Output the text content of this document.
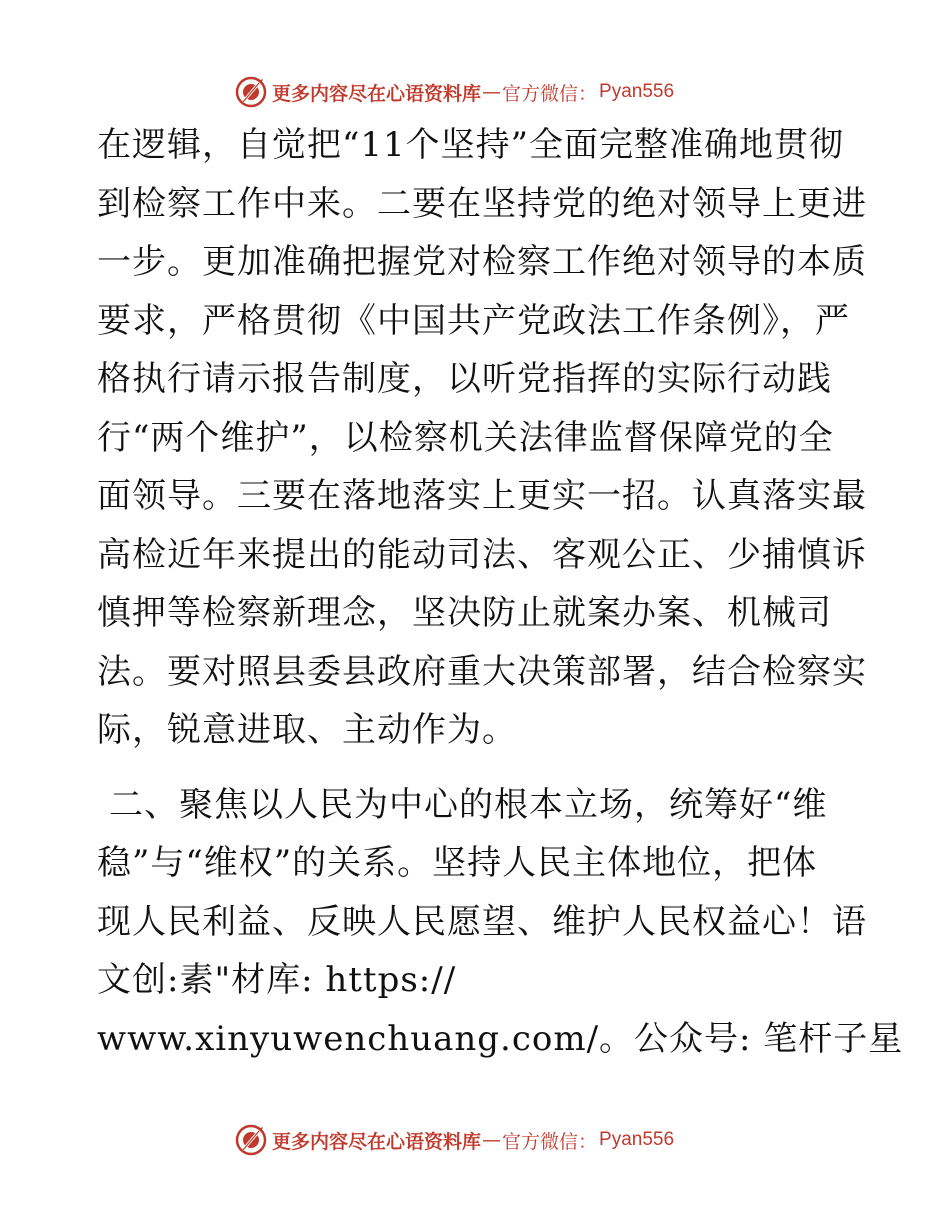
更多内容尽在心语资料库 — 官方微信： Pyan556
在逻辑，自觉把“11个坚持”全面完整准确地贯彻
到检察工作中来。二要在坚持党的绝对领导上更进
一步。更加准确把握党对检察工作绝对领导的本质
要求，严格贯彻《中国共产党政法工作条例》，严
格执行请示报告制度，以听党指挥的实际行动践
行“两个维护”，以检察机关法律监督保障党的全
面领导。三要在落地落实上更实一招。认真落实最
高检近年来提出的能动司法、客观公正、少捕慎诉
慎押等检察新理念，坚决防止就案办案、机械司
法。要对照县委县政府重大决策部署，结合检察实
际，锐意进取、主动作为。
二、聚焦以人民为中心的根本立场，统筹好“维
稳”与“维权”的关系。坚持人民主体地位，把体
现人民利益、反映人民愿望、维护人民权益心！语
文创:素"材库: https://
www.xinyuwenchuang.com/。公众号: 笔杆子星
更多内容尽在心语资料库 — 官方微信： Pyan556
